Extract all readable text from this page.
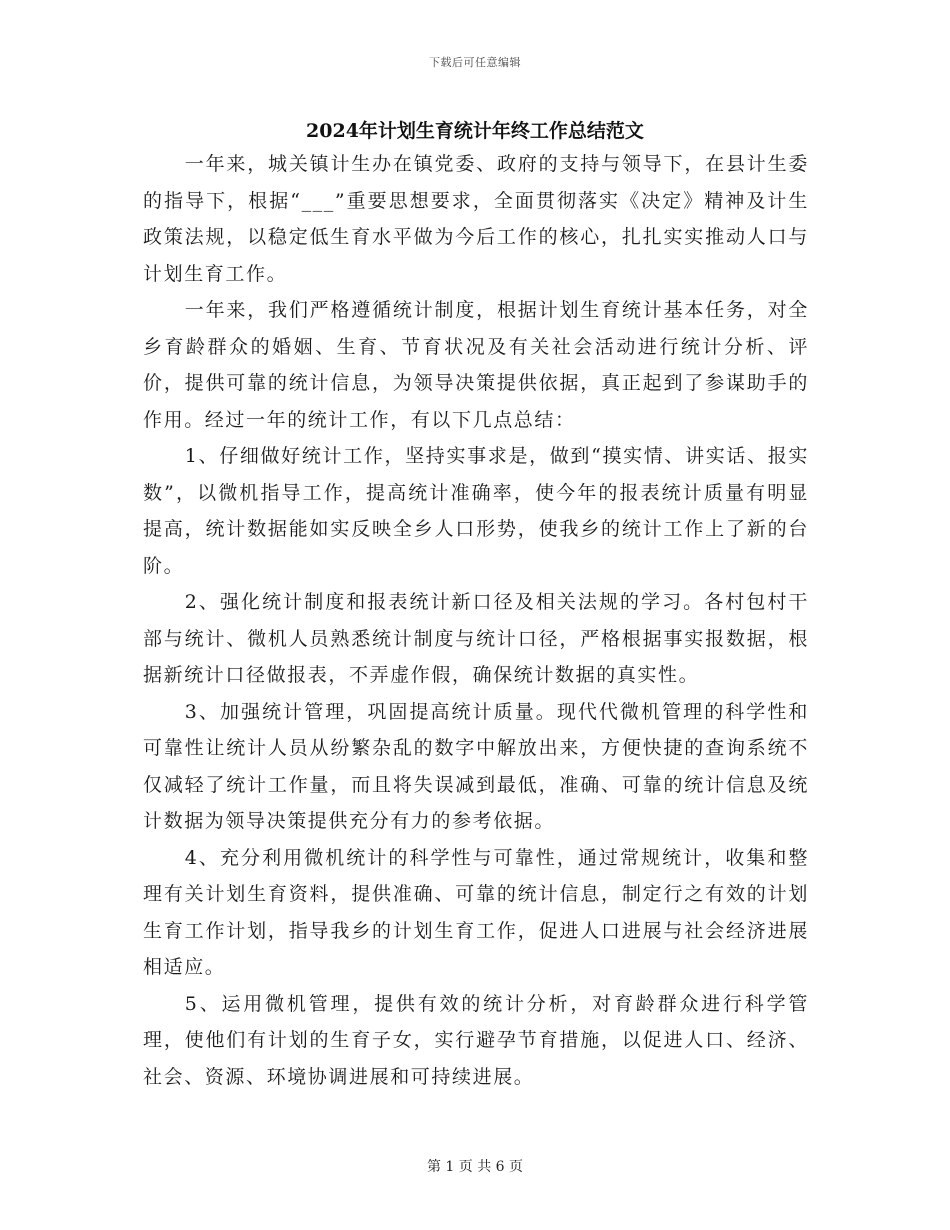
下载后可任意编辑
2024年计划生育统计年终工作总结范文

一年来，城关镇计生办在镇党委、政府的支持与领导下，在县计生委的指导下，根据“___”重要思想要求，全面贯彻落实《决定》精神及计生政策法规，以稳定低生育水平做为今后工作的核心，扎扎实实推动人口与计划生育工作。

一年来，我们严格遵循统计制度，根据计划生育统计基本任务，对全乡育龄群众的婚姻、生育、节育状况及有关社会活动进行统计分析、评价，提供可靠的统计信息，为领导决策提供依据，真正起到了参谋助手的作用。经过一年的统计工作，有以下几点总结：

1、仔细做好统计工作，坚持实事求是，做到“摸实情、讲实话、报实数”，以微机指导工作，提高统计准确率，使今年的报表统计质量有明显提高，统计数据能如实反映全乡人口形势，使我乡的统计工作上了新的台阶。

2、强化统计制度和报表统计新口径及相关法规的学习。各村包村干部与统计、微机人员熟悉统计制度与统计口径，严格根据事实报数据，根据新统计口径做报表，不弄虚作假，确保统计数据的真实性。

3、加强统计管理，巩固提高统计质量。现代代微机管理的科学性和可靠性让统计人员从纷繁杂乱的数字中解放出来，方便快捷的查询系统不仅减轻了统计工作量，而且将失误减到最低，准确、可靠的统计信息及统计数据为领导决策提供充分有力的参考依据。

4、充分利用微机统计的科学性与可靠性，通过常规统计，收集和整理有关计划生育资料，提供准确、可靠的统计信息，制定行之有效的计划生育工作计划，指导我乡的计划生育工作，促进人口进展与社会经济进展相适应。

5、运用微机管理，提供有效的统计分析，对育龄群众进行科学管理，使他们有计划的生育子女，实行避孕节育措施，以促进人口、经济、社会、资源、环境协调进展和可持续进展。

第 1 页 共 6 页
